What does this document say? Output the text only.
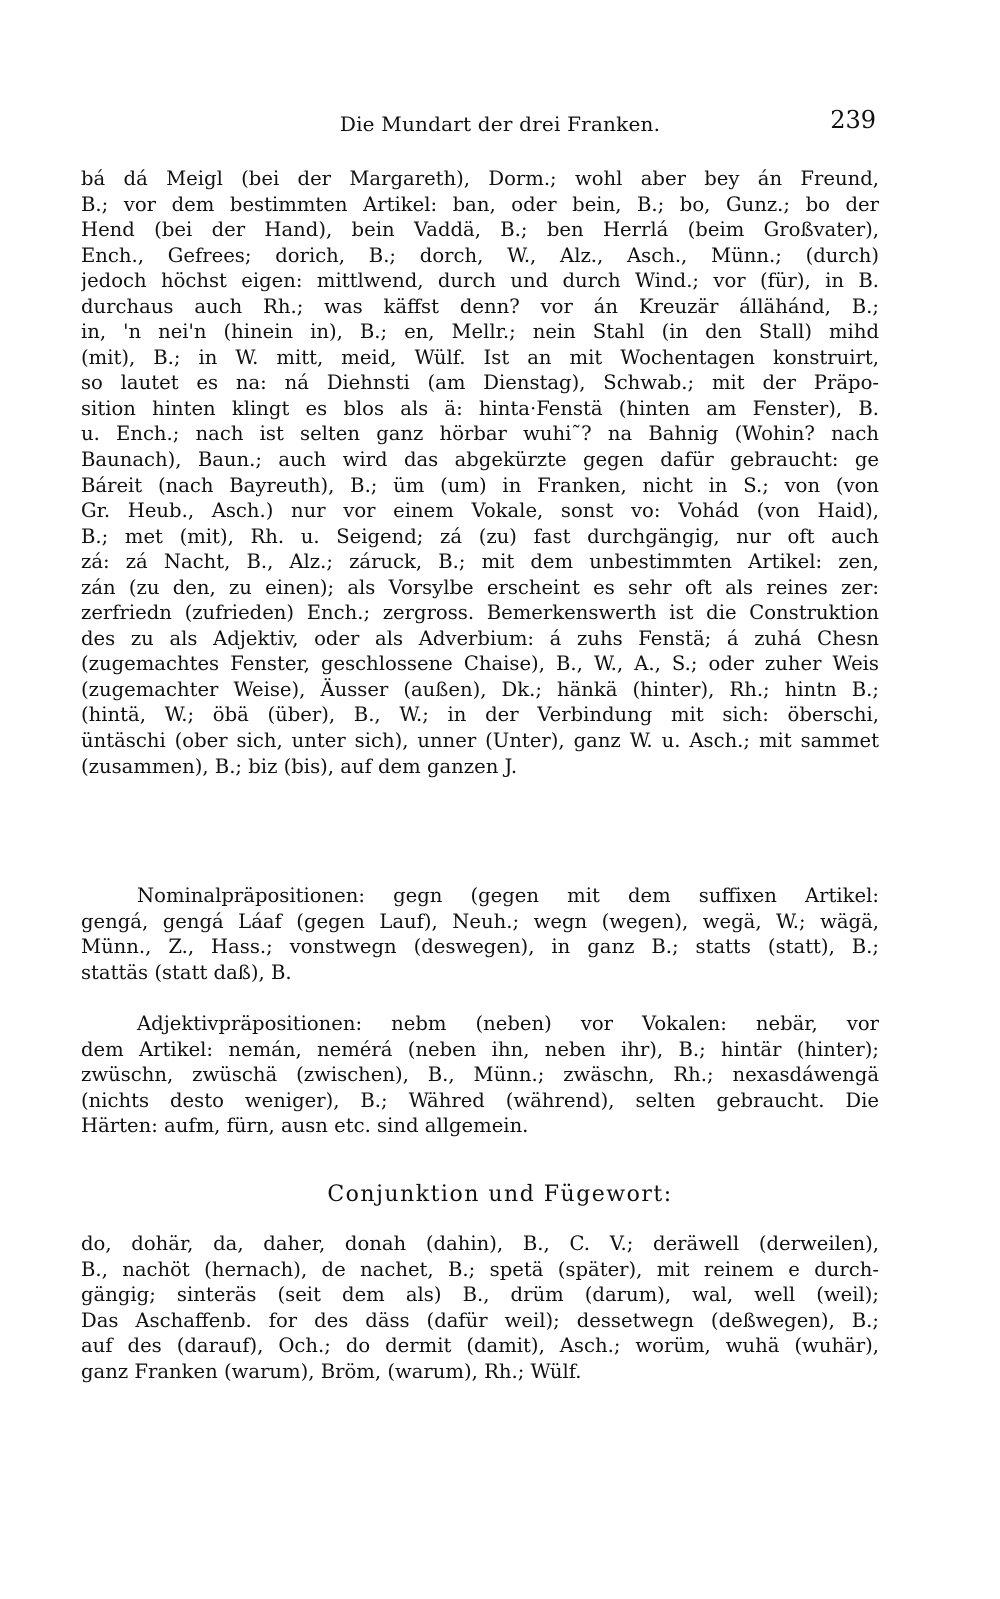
Die Mundart der drei Franken.	239
bá dá Meigl (bei der Margareth), Dorm.; wohl aber bey án Freund,
B.; vor dem bestimmten Artikel: ban, oder bein, B.; bo, Gunz.; bo der
Hend (bei der Hand), bein Vaddä, B.; ben Herrlá (beim Großvater),
Ench., Gefrees; dorich, B.; dorch, W., Alz., Asch., Münn.; (durch)
jedoch höchst eigen: mittlwend, durch und durch Wind.; vor (für), in B.
durchaus auch Rh.; was käffst denn? vor án Kreuzär állähánd, B.;
in, 'n nei'n (hinein in), B.; en, Mellr.; nein Stahl (in den Stall) mihd
(mit), B.; in W. mitt, meid, Wülf. Ist an mit Wochentagen konstruirt,
so lautet es na: ná Diehnsti (am Dienstag), Schwab.; mit der Präpo-
sition hinten klingt es blos als ä: hinta·Fenstä (hinten am Fenster), B.
u. Ench.; nach ist selten ganz hörbar wuhi˜? na Bahnig (Wohin? nach
Baunach), Baun.; auch wird das abgekürzte gegen dafür gebraucht: ge
Báreit (nach Bayreuth), B.; üm (um) in Franken, nicht in S.; von (von
Gr. Heub., Asch.) nur vor einem Vokale, sonst vo: Vohád (von Haid),
B.; met (mit), Rh. u. Seigend; zá (zu) fast durchgängig, nur oft auch
zá: zá Nacht, B., Alz.; záruck, B.; mit dem unbestimmten Artikel: zen,
zán (zu den, zu einen); als Vorsylbe erscheint es sehr oft als reines zer:
zerfriedn (zufrieden) Ench.; zergross. Bemerkenswerth ist die Construktion
des zu als Adjektiv, oder als Adverbium: á zuhs Fenstä; á zuhá Chesn
(zugemachtes Fenster, geschlossene Chaise), B., W., A., S.; oder zuher Weis
(zugemachter Weise), Äusser (außen), Dk.; hänkä (hinter), Rh.; hintn B.;
(hintä, W.; öbä (über), B., W.; in der Verbindung mit sich: öberschi,
üntäschi (ober sich, unter sich), unner (Unter), ganz W. u. Asch.; mit sammet
(zusammen), B.; biz (bis), auf dem ganzen J.
Nominalpräpositionen: gegn (gegen mit dem suffixen Artikel:
gengá, gengá Láaf (gegen Lauf), Neuh.; wegn (wegen), wegä, W.; wägä,
Münn., Z., Hass.; vonstwegn (deswegen), in ganz B.; statts (statt), B.;
stattäs (statt daß), B.
Adjektivpräpositionen: nebm (neben) vor Vokalen: nebär, vor
dem Artikel: nemán, nemérá (neben ihn, neben ihr), B.; hintär (hinter);
zwüschn, zwüschä (zwischen), B., Münn.; zwäschn, Rh.; nexasdáwengä
(nichts desto weniger), B.; Währed (während), selten gebraucht. Die
Härten: aufm, fürn, ausn etc. sind allgemein.
Conjunktion und Fügewort:
do, dohär, da, daher, donah (dahin), B., C. V.; deräwell (derweilen),
B., nachöt (hernach), de nachet, B.; spetä (später), mit reinem e durch-
gängig; sinteräs (seit dem als) B., drüm (darum), wal, well (weil);
Das Aschaffenb. for des däss (dafür weil); dessetwegn (deßwegen), B.;
auf des (darauf), Och.; do dermit (damit), Asch.; worüm, wuhä (wuhär),
ganz Franken (warum), Bröm, (warum), Rh.; Wülf.
